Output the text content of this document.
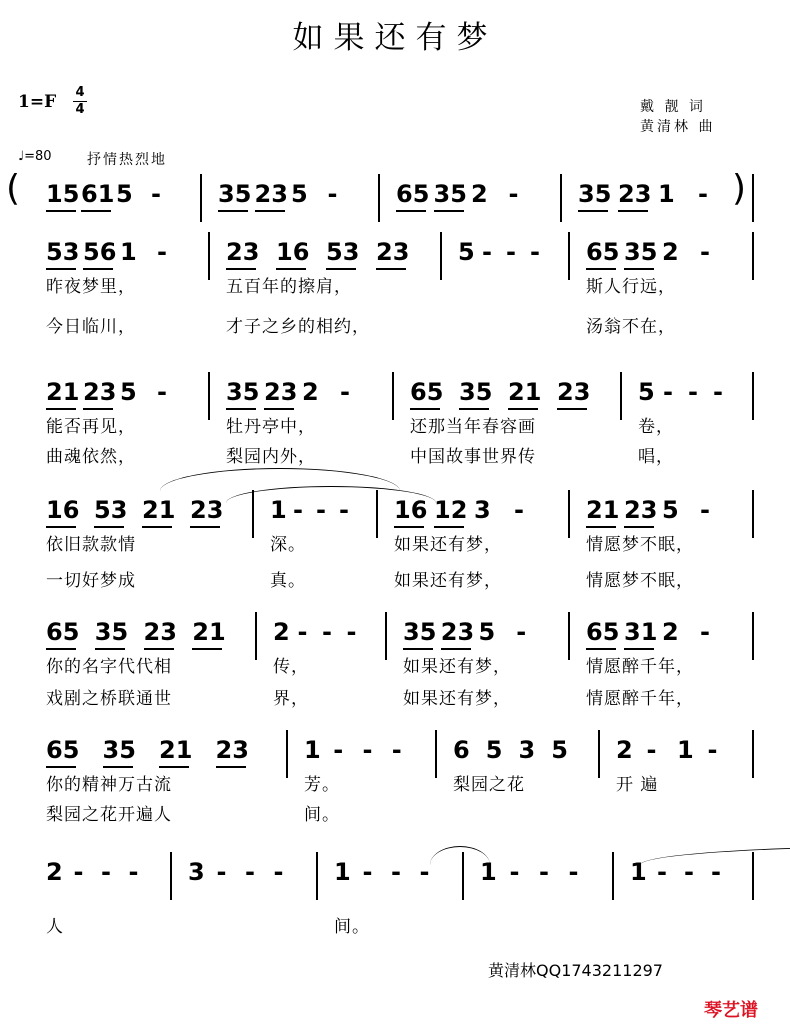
如果还有梦
1=F 4
4	戴 靓 词
黄清林 曲
♩=80	抒情热烈地
15 61 5 - 35 23 5 - 65 35 2 - 35 23 1 -
53 56 1 - 23 16 53 23 5 - - - 65 35 2 -
昨夜梦里，	五百年的擦肩，	斯人行远，
今日临川，	才子之乡的相约，	汤翁不在，
21 23 5 - 35 23 2 -	65 35 21 23 5 - - -
能否再见，	牡丹亭中，	还那当年春容画	卷，
曲魂依然，	梨园内外，	中国故事世界传	唱，
16 53 21 23 1 - - - 16 12 3 -	21 23 5 -
依旧款款情	深。	如果还有梦，	情愿梦不眠，
一切好梦成	真。	如果还有梦，	情愿梦不眠，
65 35 23 21 2 - - - 35 23 5 - 65 31 2 -
你的名字代代相	传，	如果还有梦，	情愿醉千年，
戏剧之桥联通世	界，	如果还有梦，	情愿醉千年，
65 35 21 23 1 - - - 6 5 3 5 2 - 1 -
你的精神万古流	芳。	梨园之花	开 遍
梨园之花开遍人	间。
2 - - - 3 - - - 1 - - - 1 - - - 1 - - -
人	间。
(	)
黄清林QQ1743211297
琴艺谱
